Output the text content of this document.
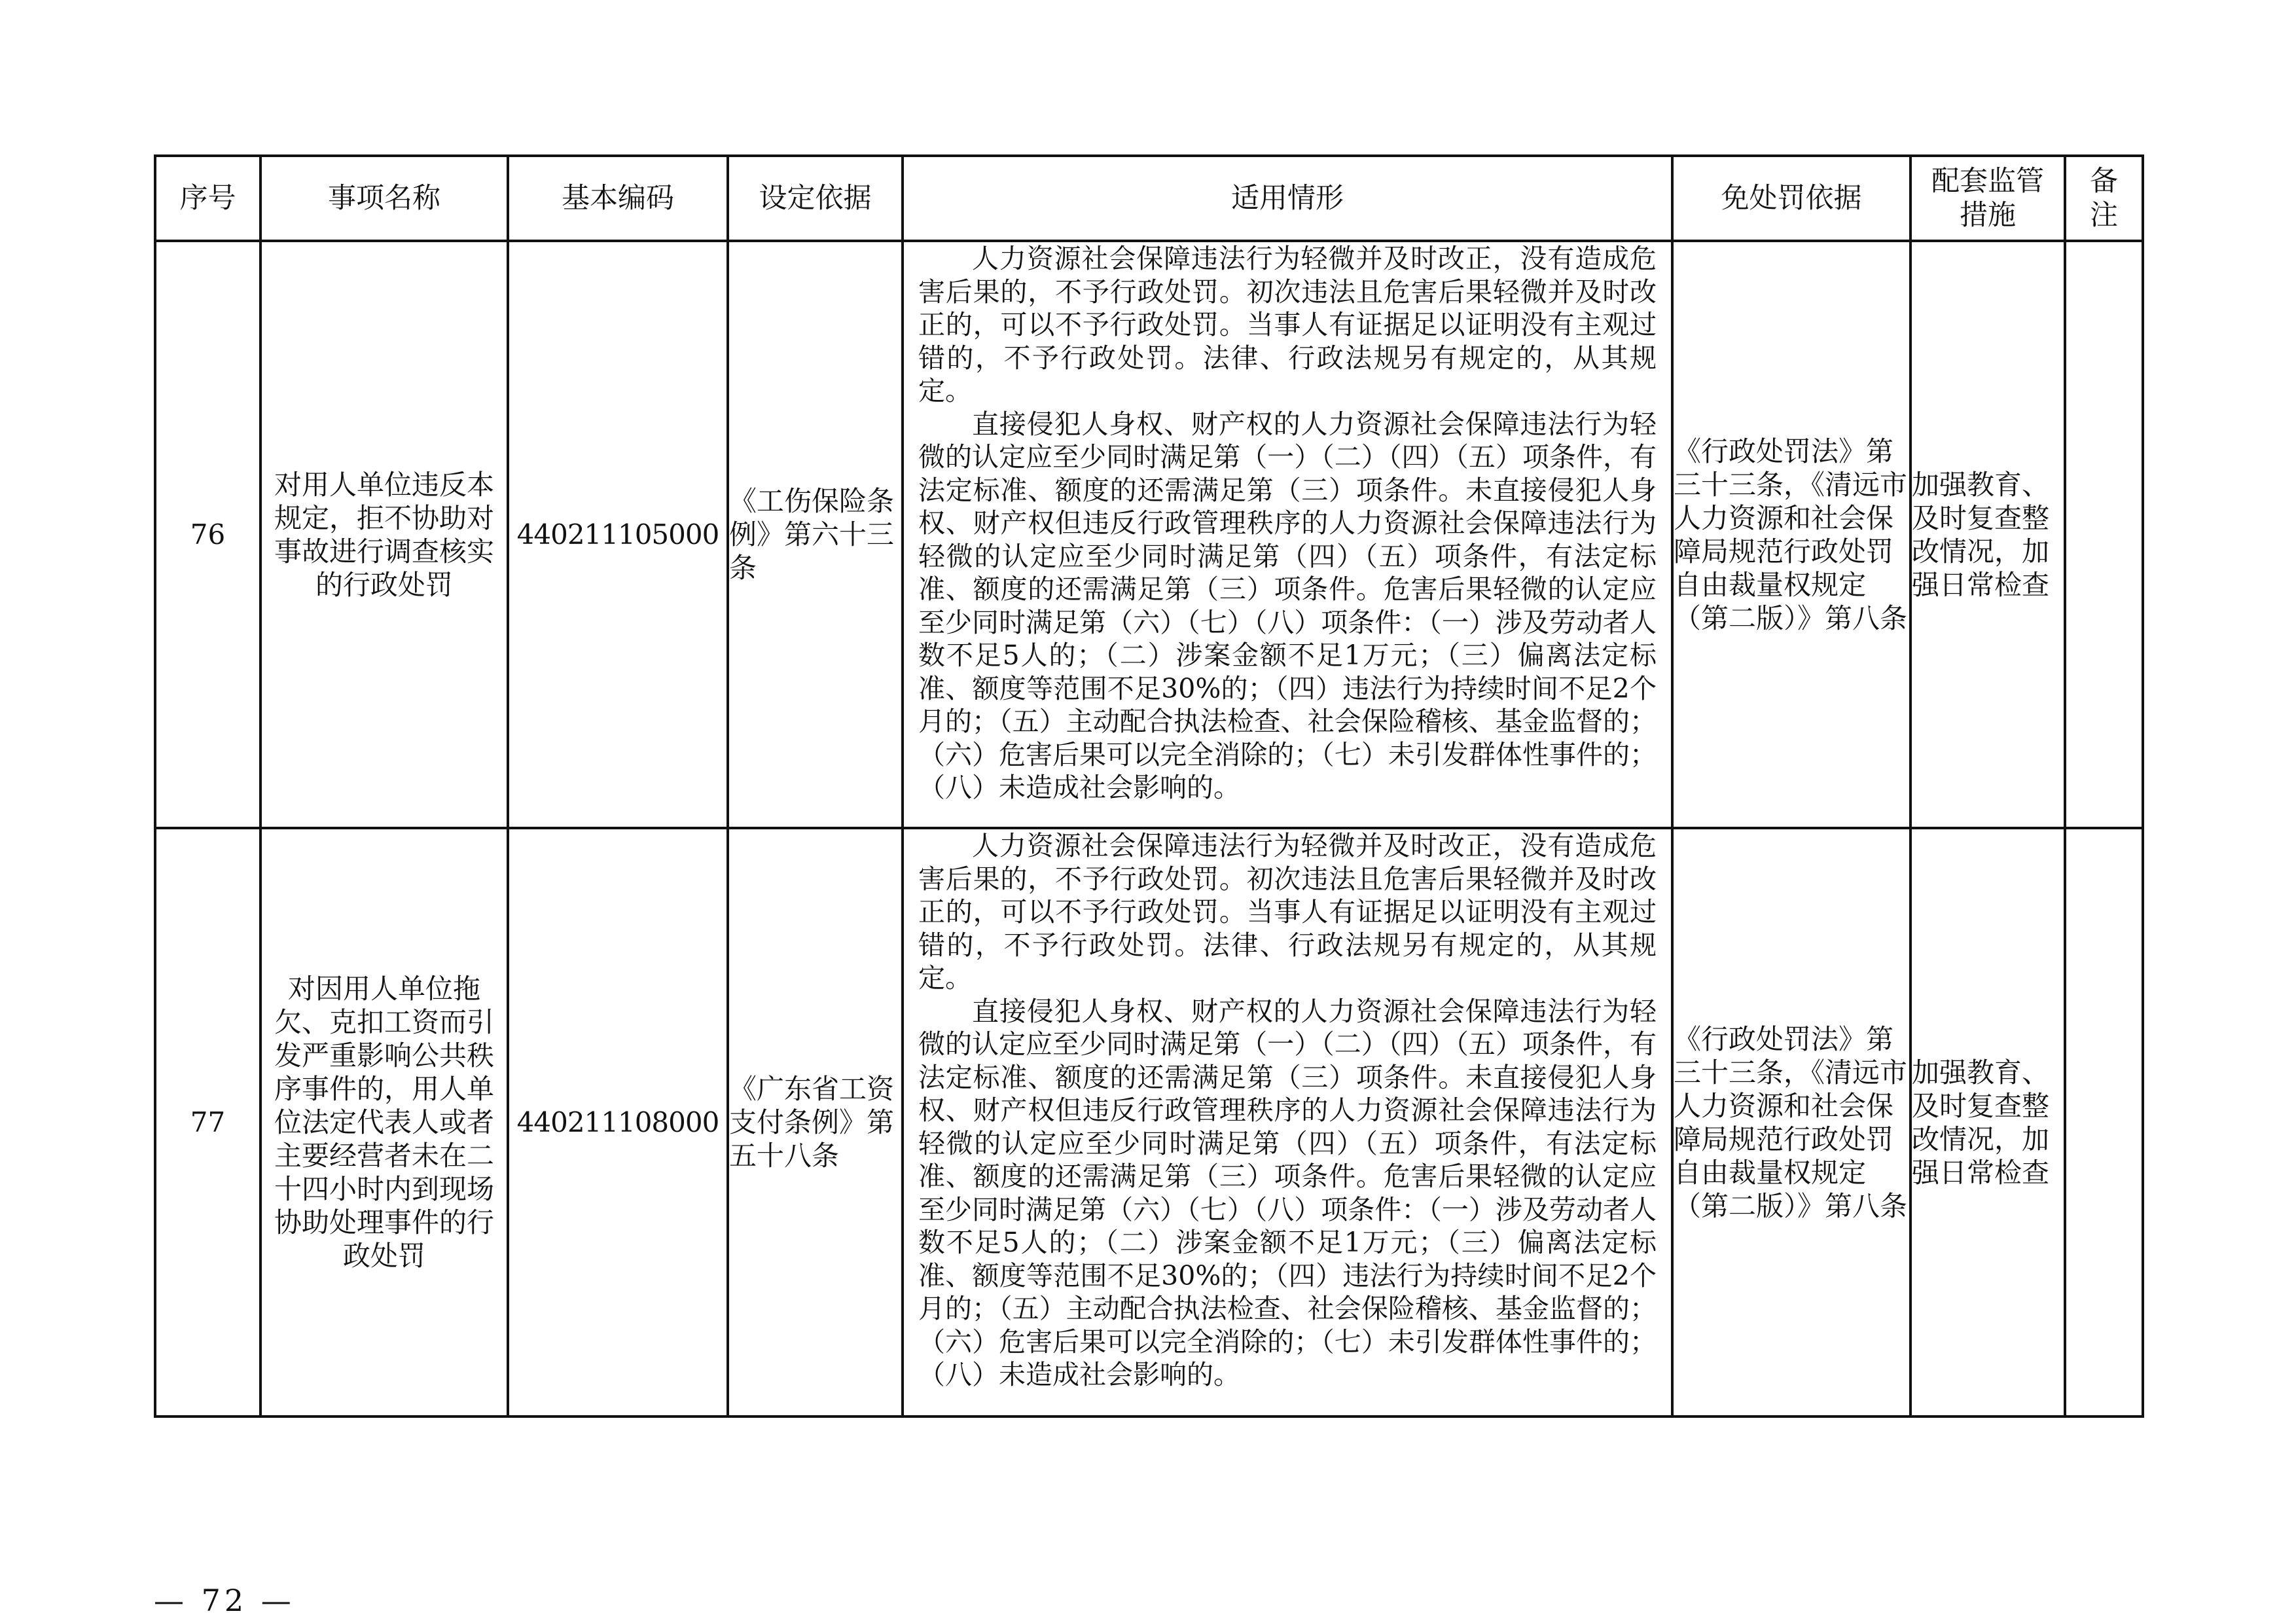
序号	事项名称	基本编码	设定依据	适用情形	免处罚依据	配套监管措施	备注
76	对用人单位违反本规定，拒不协助对事故进行调查核实的行政处罚	440211105000	《工伤保险条例》第六十三条	人力资源社会保障违法行为轻微并及时改正，没有造成危害后果的，不予行政处罚。初次违法且危害后果轻微并及时改正的，可以不予行政处罚。当事人有证据足以证明没有主观过错的，不予行政处罚。法律、行政法规另有规定的，从其规定。

直接侵犯人身权、财产权的人力资源社会保障违法行为轻微的认定应至少同时满足第（一）（二）（四）（五）项条件，有法定标准、额度的还需满足第（三）项条件。未直接侵犯人身权、财产权但违反行政管理秩序的人力资源社会保障违法行为轻微的认定应至少同时满足第（四）（五）项条件，有法定标准、额度的还需满足第（三）项条件。危害后果轻微的认定应至少同时满足第（六）（七）（八）项条件：（一）涉及劳动者人数不足5人的；（二）涉案金额不足1万元；（三）偏离法定标准、额度等范围不足30%的；（四）违法行为持续时间不足2个月的；（五）主动配合执法检查、社会保险稽核、基金监督的；（六）危害后果可以完全消除的；（七）未引发群体性事件的；（八）未造成社会影响的。	《行政处罚法》第三十三条，《清远市人力资源和社会保障局规范行政处罚自由裁量权规定（第二版）》第八条	加强教育、及时复查整改情况，加强日常检查	
77	对因用人单位拖欠、克扣工资而引发严重影响公共秩序事件的，用人单位法定代表人或者主要经营者未在二十四小时内到现场协助处理事件的行政处罚	440211108000	《广东省工资支付条例》第五十八条	人力资源社会保障违法行为轻微并及时改正，没有造成危害后果的，不予行政处罚。初次违法且危害后果轻微并及时改正的，可以不予行政处罚。当事人有证据足以证明没有主观过错的，不予行政处罚。法律、行政法规另有规定的，从其规定。

直接侵犯人身权、财产权的人力资源社会保障违法行为轻微的认定应至少同时满足第（一）（二）（四）（五）项条件，有法定标准、额度的还需满足第（三）项条件。未直接侵犯人身权、财产权但违反行政管理秩序的人力资源社会保障违法行为轻微的认定应至少同时满足第（四）（五）项条件，有法定标准、额度的还需满足第（三）项条件。危害后果轻微的认定应至少同时满足第（六）（七）（八）项条件：（一）涉及劳动者人数不足5人的；（二）涉案金额不足1万元；（三）偏离法定标准、额度等范围不足30%的；（四）违法行为持续时间不足2个月的；（五）主动配合执法检查、社会保险稽核、基金监督的；（六）危害后果可以完全消除的；（七）未引发群体性事件的；（八）未造成社会影响的。	《行政处罚法》第三十三条，《清远市人力资源和社会保障局规范行政处罚自由裁量权规定（第二版）》第八条	加强教育、及时复查整改情况，加强日常检查	
— 72 —
